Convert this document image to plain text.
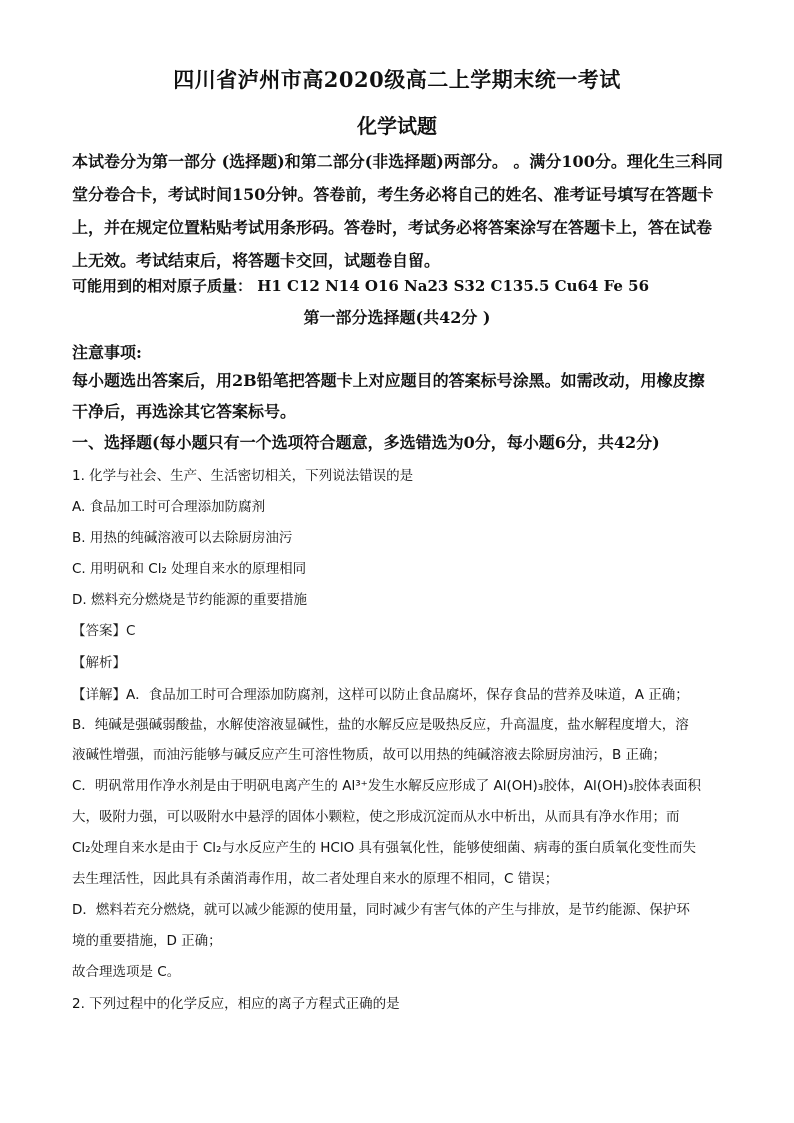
四川省泸州市高2020级高二上学期末统一考试
化学试题
本试卷分为第一部分 (选择题)和第二部分(非选择题)两部分。 。满分100分。理化生三科同
堂分卷合卡，考试时间150分钟。答卷前，考生务必将自己的姓名、准考证号填写在答题卡
上，并在规定位置粘贴考试用条形码。答卷时，考试务必将答案涂写在答题卡上，答在试卷
上无效。考试结束后，将答题卡交回，试题卷自留。
可能用到的相对原子质量： H1 C12 N14 O16 Na23 S32 C135.5 Cu64 Fe 56
第一部分选择题(共42分 )
注意事项:
每小题选出答案后，用2B铅笔把答题卡上对应题目的答案标号涂黑。如需改动，用橡皮擦
干净后，再选涂其它答案标号。
一、选择题(每小题只有一个选项符合题意，多选错选为0分，每小题6分，共42分)
1. 化学与社会、生产、生活密切相关，下列说法错误的是
A. 食品加工时可合理添加防腐剂
B. 用热的纯碱溶液可以去除厨房油污
C. 用明矾和 Cl₂ 处理自来水的原理相同
D. 燃料充分燃烧是节约能源的重要措施
【答案】C
【解析】
【详解】A．食品加工时可合理添加防腐剂，这样可以防止食品腐坏，保存食品的营养及味道，A 正确；
B．纯碱是强碱弱酸盐，水解使溶液显碱性，盐的水解反应是吸热反应，升高温度，盐水解程度增大，溶
液碱性增强，而油污能够与碱反应产生可溶性物质，故可以用热的纯碱溶液去除厨房油污，B 正确；
C．明矾常用作净水剂是由于明矾电离产生的 Al³⁺发生水解反应形成了 Al(OH)₃胶体，Al(OH)₃胶体表面积
大，吸附力强，可以吸附水中悬浮的固体小颗粒，使之形成沉淀而从水中析出，从而具有净水作用；而
Cl₂处理自来水是由于 Cl₂与水反应产生的 HClO 具有强氧化性，能够使细菌、病毒的蛋白质氧化变性而失
去生理活性，因此具有杀菌消毒作用，故二者处理自来水的原理不相同，C 错误；
D．燃料若充分燃烧，就可以减少能源的使用量，同时减少有害气体的产生与排放，是节约能源、保护环
境的重要措施，D 正确；
故合理选项是 C。
2. 下列过程中的化学反应，相应的离子方程式正确的是
